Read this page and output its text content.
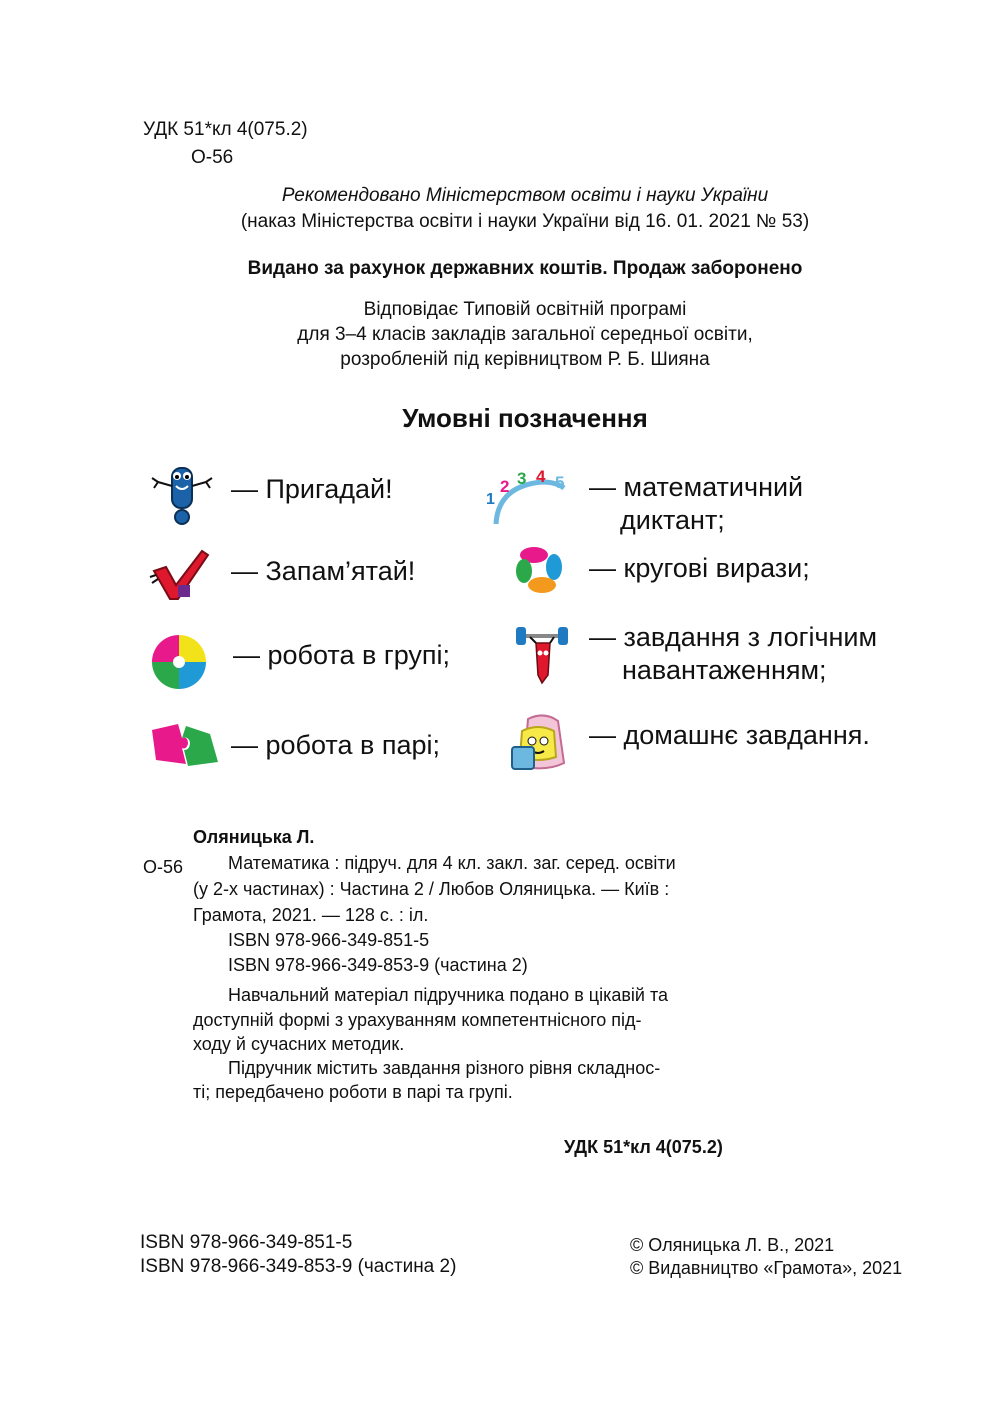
УДК 51*кл 4(075.2)
О-56
Рекомендовано Міністерством освіти і науки України
(наказ Міністерства освіти і науки України від 16. 01. 2021 № 53)
Видано за рахунок державних коштів. Продаж заборонено
Відповідає Типовій освітній програмі
для 3–4 класів закладів загальної середньої освіти,
розробленій під керівництвом Р. Б. Шияна
Умовні позначення
— Пригадай!
— Запам’ятай!
— робота в групі;
— робота в парі;
1
2 3 4 5 — математичний
диктант;
— кругові вирази;
— завдання з логічним
навантаженням;
— домашнє завдання.
Оляницька Л.
О-56 Математика : підруч. для 4 кл. закл. заг. серед. освіти
(у 2-х частинах) : Частина 2 / Любов Оляницька. — Київ :
Грамота, 2021. — 128 с. : іл.
ISBN 978-966-349-851-5
ISBN 978-966-349-853-9 (частина 2)
Навчальний матеріал підручника подано в цікавій та
доступній формі з урахуванням компетентнісного під-
ходу й сучасних методик.
Підручник містить завдання різного рівня складнос-
ті; передбачено роботи в парі та групі.
УДК 51*кл 4(075.2)
ISBN 978-966-349-851-5
ISBN 978-966-349-853-9 (частина 2)
© Оляницька Л. В., 2021
© Видавництво «Грамота», 2021
